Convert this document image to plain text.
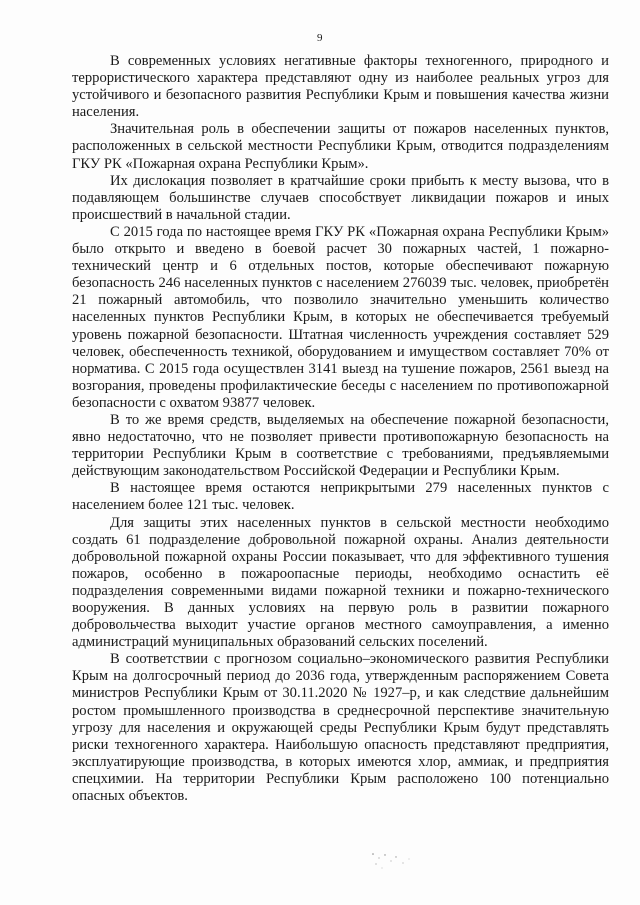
9

В современных условиях негативные факторы техногенного, природного и террористического характера представляют одну из наиболее реальных угроз для устойчивого и безопасного развития Республики Крым и повышения качества жизни населения.

Значительная роль в обеспечении защиты от пожаров населенных пунктов, расположенных в сельской местности Республики Крым, отводится подразделениям ГКУ РК «Пожарная охрана Республики Крым».

Их дислокация позволяет в кратчайшие сроки прибыть к месту вызова, что в подавляющем большинстве случаев способствует ликвидации пожаров и иных происшествий в начальной стадии.

С 2015 года по настоящее время ГКУ РК «Пожарная охрана Республики Крым» было открыто и введено в боевой расчет 30 пожарных частей, 1 пожарно-технический центр и 6 отдельных постов, которые обеспечивают пожарную безопасность 246 населенных пунктов с населением 276039 тыс. человек, приобретён 21 пожарный автомобиль, что позволило значительно уменьшить количество населенных пунктов Республики Крым, в которых не обеспечивается требуемый уровень пожарной безопасности. Штатная численность учреждения составляет 529 человек, обеспеченность техникой, оборудованием и имуществом составляет 70% от норматива. С 2015 года осуществлен 3141 выезд на тушение пожаров, 2561 выезд на возгорания, проведены профилактические беседы с населением по противопожарной безопасности с охватом 93877 человек.

В то же время средств, выделяемых на обеспечение пожарной безопасности, явно недостаточно, что не позволяет привести противопожарную безопасность на территории Республики Крым в соответствие с требованиями, предъявляемыми действующим законодательством Российской Федерации и Республики Крым.

В настоящее время остаются неприкрытыми 279 населенных пунктов с населением более 121 тыс. человек.

Для защиты этих населенных пунктов в сельской местности необходимо создать 61 подразделение добровольной пожарной охраны. Анализ деятельности добровольной пожарной охраны России показывает, что для эффективного тушения пожаров, особенно в пожароопасные периоды, необходимо оснастить её подразделения современными видами пожарной техники и пожарно-технического вооружения. В данных условиях на первую роль в развитии пожарного добровольчества выходит участие органов местного самоуправления, а именно администраций муниципальных образований сельских поселений.

В соответствии с прогнозом социально–экономического развития Республики Крым на долгосрочный период до 2036 года, утвержденным распоряжением Совета министров Республики Крым от 30.11.2020 № 1927–р, и как следствие дальнейшим ростом промышленного производства в среднесрочной перспективе значительную угрозу для населения и окружающей среды Республики Крым будут представлять риски техногенного характера. Наибольшую опасность представляют предприятия, эксплуатирующие производства, в которых имеются хлор, аммиак, и предприятия спецхимии. На территории Республики Крым расположено 100 потенциально опасных объектов.
